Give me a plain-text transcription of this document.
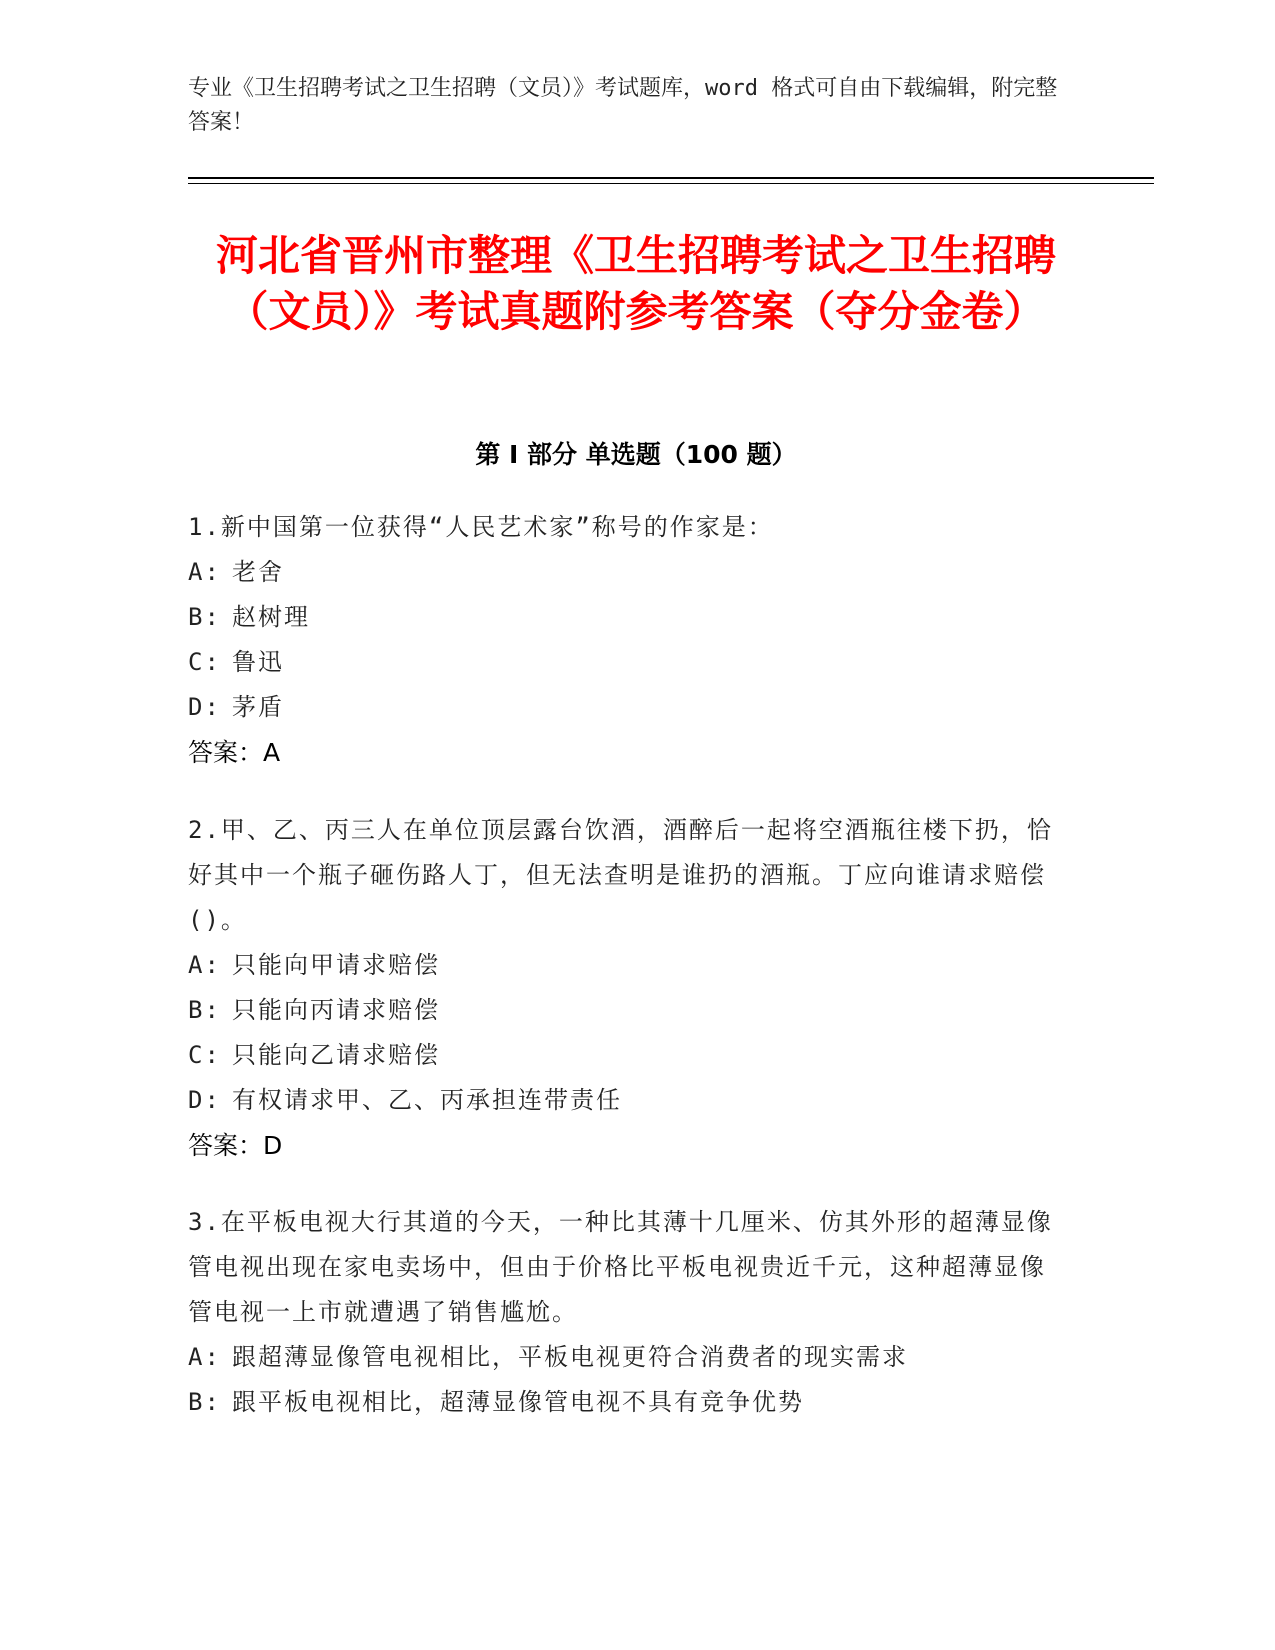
专业《卫生招聘考试之卫生招聘（文员）》考试题库，word 格式可自由下载编辑，附完整答案！
河北省晋州市整理《卫生招聘考试之卫生招聘（文员）》考试真题附参考答案（夺分金卷）
第 I 部分 单选题（100 题）
1.新中国第一位获得“人民艺术家”称号的作家是：
A: 老舍
B: 赵树理
C: 鲁迅
D: 茅盾
答案：A
2.甲、乙、丙三人在单位顶层露台饮酒，酒醉后一起将空酒瓶往楼下扔，恰好其中一个瓶子砸伤路人丁，但无法查明是谁扔的酒瓶。丁应向谁请求赔偿()。
A: 只能向甲请求赔偿
B: 只能向丙请求赔偿
C: 只能向乙请求赔偿
D: 有权请求甲、乙、丙承担连带责任
答案：D
3.在平板电视大行其道的今天，一种比其薄十几厘米、仿其外形的超薄显像管电视出现在家电卖场中，但由于价格比平板电视贵近千元，这种超薄显像管电视一上市就遭遇了销售尴尬。
A: 跟超薄显像管电视相比，平板电视更符合消费者的现实需求
B: 跟平板电视相比，超薄显像管电视不具有竞争优势
